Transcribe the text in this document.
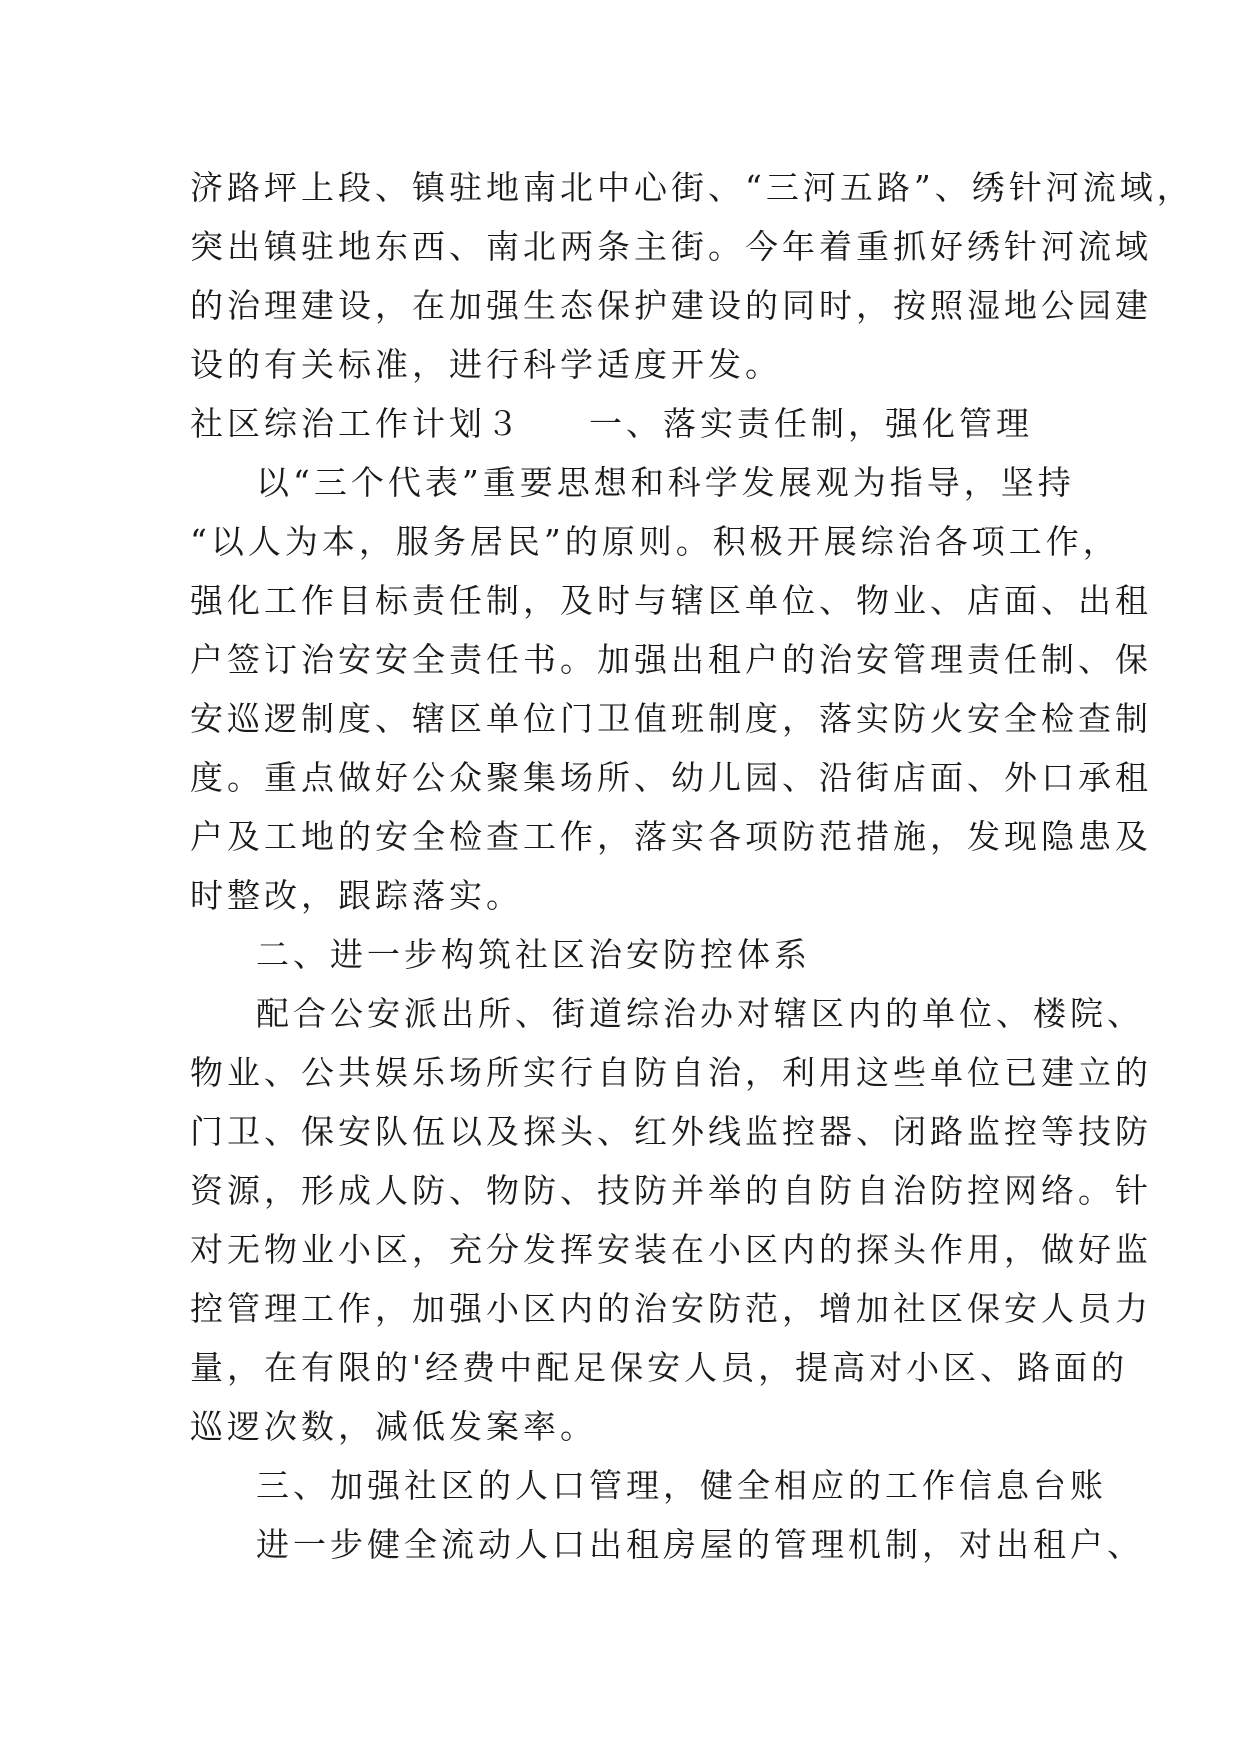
济路坪上段、镇驻地南北中心街、“三河五路”、绣针河流域，
突出镇驻地东西、南北两条主街。今年着重抓好绣针河流域
的治理建设，在加强生态保护建设的同时，按照湿地公园建
设的有关标准，进行科学适度开发。
社区综治工作计划３ 一、落实责任制，强化管理
以“三个代表”重要思想和科学发展观为指导，坚持
“以人为本，服务居民”的原则。积极开展综治各项工作，
强化工作目标责任制，及时与辖区单位、物业、店面、出租
户签订治安安全责任书。加强出租户的治安管理责任制、保
安巡逻制度、辖区单位门卫值班制度，落实防火安全检查制
度。重点做好公众聚集场所、幼儿园、沿街店面、外口承租
户及工地的安全检查工作，落实各项防范措施，发现隐患及
时整改，跟踪落实。
二、进一步构筑社区治安防控体系
配合公安派出所、街道综治办对辖区内的单位、楼院、
物业、公共娱乐场所实行自防自治，利用这些单位已建立的
门卫、保安队伍以及探头、红外线监控器、闭路监控等技防
资源，形成人防、物防、技防并举的自防自治防控网络。针
对无物业小区，充分发挥安装在小区内的探头作用，做好监
控管理工作，加强小区内的治安防范，增加社区保安人员力
量，在有限的'经费中配足保安人员，提高对小区、路面的
巡逻次数，减低发案率。
三、加强社区的人口管理，健全相应的工作信息台账
进一步健全流动人口出租房屋的管理机制，对出租户、
